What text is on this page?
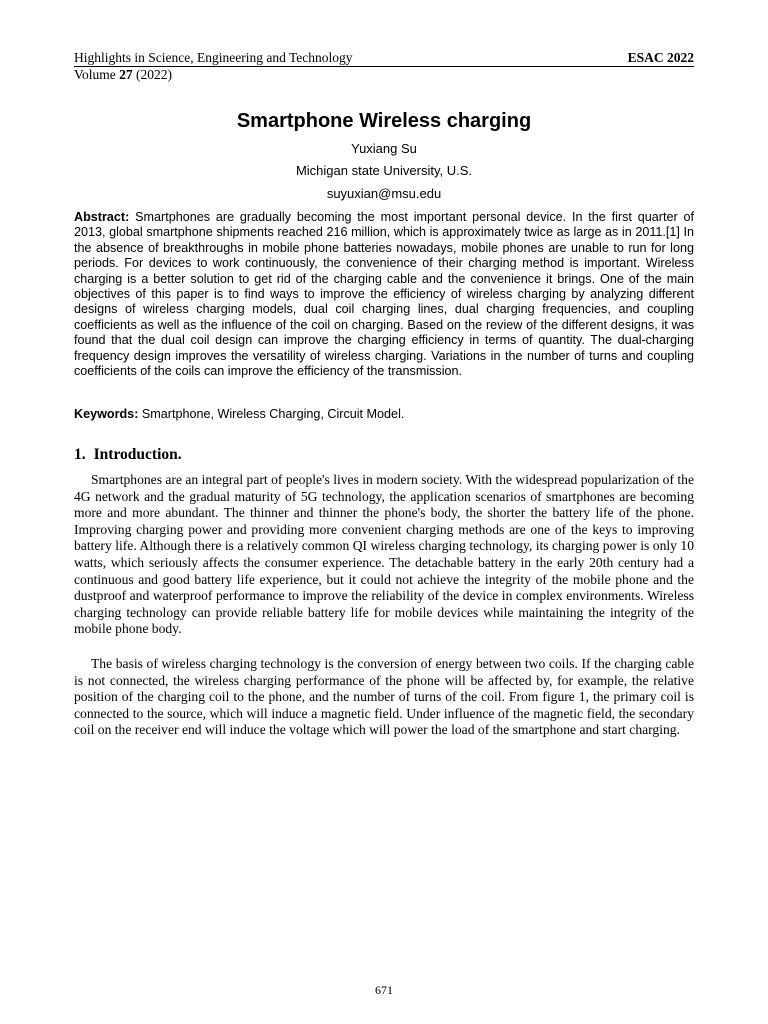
Highlights in Science, Engineering and Technology	ESAC 2022
Volume 27 (2022)
Smartphone Wireless charging
Yuxiang Su
Michigan state University, U.S.
suyuxian@msu.edu

Abstract: Smartphones are gradually becoming the most important personal device. In the first quarter of 2013, global smartphone shipments reached 216 million, which is approximately twice as large as in 2011.[1] In the absence of breakthroughs in mobile phone batteries nowadays, mobile phones are unable to run for long periods. For devices to work continuously, the convenience of their charging method is important. Wireless charging is a better solution to get rid of the charging cable and the convenience it brings. One of the main objectives of this paper is to find ways to improve the efficiency of wireless charging by analyzing different designs of wireless charging models, dual coil charging lines, dual charging frequencies, and coupling coefficients as well as the influence of the coil on charging. Based on the review of the different designs, it was found that the dual coil design can improve the charging efficiency in terms of quantity. The dual-charging frequency design improves the versatility of wireless charging. Variations in the number of turns and coupling coefficients of the coils can improve the efficiency of the transmission.

Keywords: Smartphone, Wireless Charging, Circuit Model.

1. Introduction.

Smartphones are an integral part of people's lives in modern society. With the widespread popularization of the 4G network and the gradual maturity of 5G technology, the application scenarios of smartphones are becoming more and more abundant. The thinner and thinner the phone's body, the shorter the battery life of the phone. Improving charging power and providing more convenient charging methods are one of the keys to improving battery life. Although there is a relatively common QI wireless charging technology, its charging power is only 10 watts, which seriously affects the consumer experience. The detachable battery in the early 20th century had a continuous and good battery life experience, but it could not achieve the integrity of the mobile phone and the dustproof and waterproof performance to improve the reliability of the device in complex environments. Wireless charging technology can provide reliable battery life for mobile devices while maintaining the integrity of the mobile phone body.

The basis of wireless charging technology is the conversion of energy between two coils. If the charging cable is not connected, the wireless charging performance of the phone will be affected by, for example, the relative position of the charging coil to the phone, and the number of turns of the coil. From figure 1, the primary coil is connected to the source, which will induce a magnetic field. Under influence of the magnetic field, the secondary coil on the receiver end will induce the voltage which will power the load of the smartphone and start charging.

671
